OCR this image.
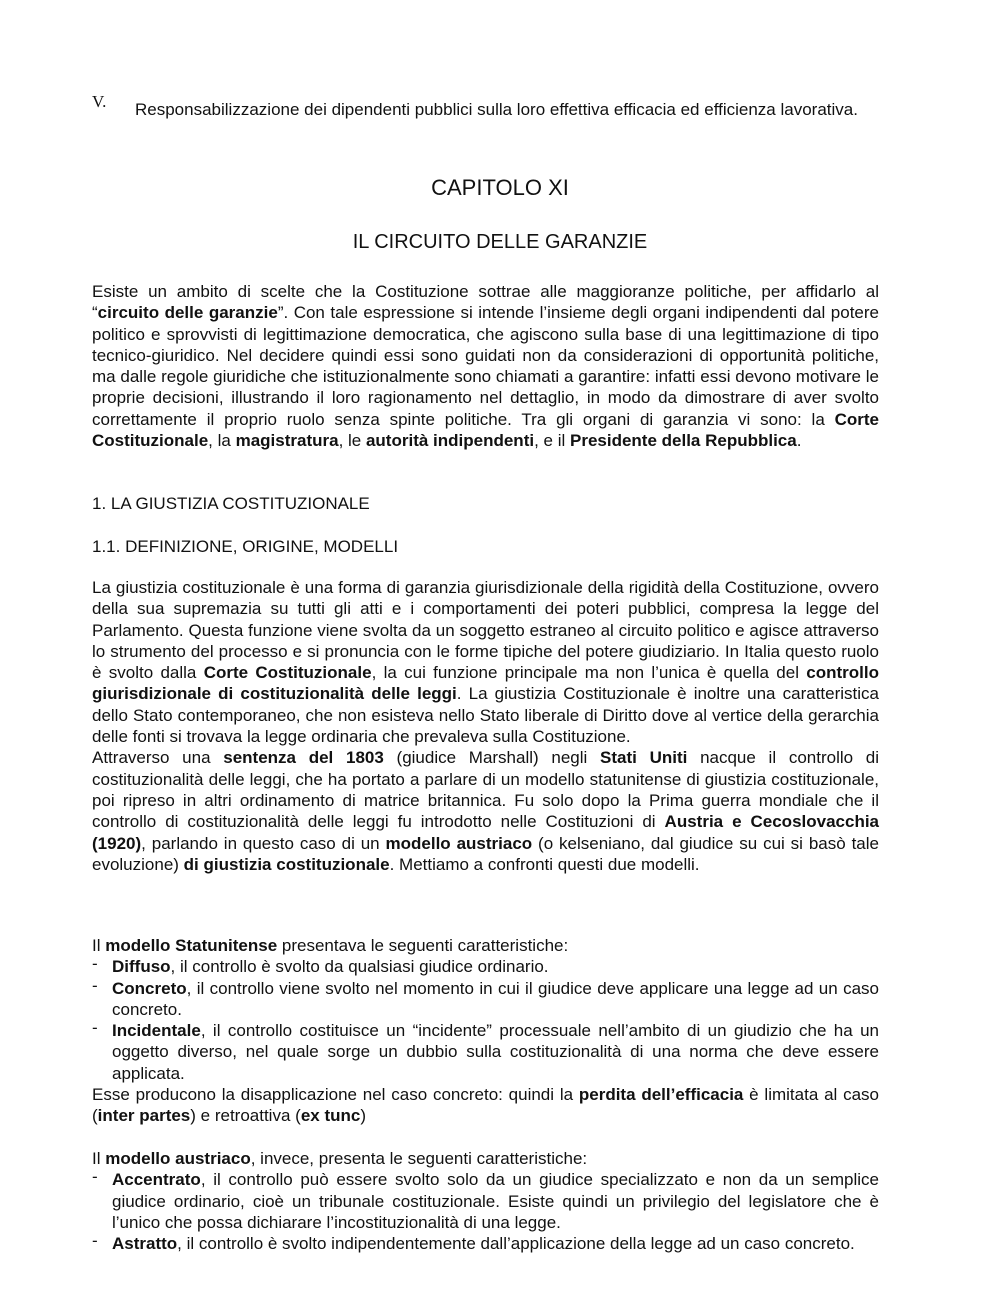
V. Responsabilizzazione dei dipendenti pubblici sulla loro effettiva efficacia ed efficienza lavorativa.
CAPITOLO XI
IL CIRCUITO DELLE GARANZIE
Esiste un ambito di scelte che la Costituzione sottrae alle maggioranze politiche, per affidarlo al “circuito delle garanzie”. Con tale espressione si intende l’insieme degli organi indipendenti dal potere politico e sprovvisti di legittimazione democratica, che agiscono sulla base di una legittimazione di tipo tecnico-giuridico. Nel decidere quindi essi sono guidati non da considerazioni di opportunità politiche, ma dalle regole giuridiche che istituzionalmente sono chiamati a garantire: infatti essi devono motivare le proprie decisioni, illustrando il loro ragionamento nel dettaglio, in modo da dimostrare di aver svolto correttamente il proprio ruolo senza spinte politiche. Tra gli organi di garanzia vi sono: la Corte Costituzionale, la magistratura, le autorità indipendenti, e il Presidente della Repubblica.
1. LA GIUSTIZIA COSTITUZIONALE
1.1. DEFINIZIONE, ORIGINE, MODELLI
La giustizia costituzionale è una forma di garanzia giurisdizionale della rigidità della Costituzione, ovvero della sua supremazia su tutti gli atti e i comportamenti dei poteri pubblici, compresa la legge del Parlamento. Questa funzione viene svolta da un soggetto estraneo al circuito politico e agisce attraverso lo strumento del processo e si pronuncia con le forme tipiche del potere giudiziario. In Italia questo ruolo è svolto dalla Corte Costituzionale, la cui funzione principale ma non l’unica è quella del controllo giurisdizionale di costituzionalità delle leggi. La giustizia Costituzionale è inoltre una caratteristica dello Stato contemporaneo, che non esisteva nello Stato liberale di Diritto dove al vertice della gerarchia delle fonti si trovava la legge ordinaria che prevaleva sulla Costituzione.
Attraverso una sentenza del 1803 (giudice Marshall) negli Stati Uniti nacque il controllo di costituzionalità delle leggi, che ha portato a parlare di un modello statunitense di giustizia costituzionale, poi ripreso in altri ordinamento di matrice britannica. Fu solo dopo la Prima guerra mondiale che il controllo di costituzionalità delle leggi fu introdotto nelle Costituzioni di Austria e Cecoslovacchia (1920), parlando in questo caso di un modello austriaco (o kelseniano, dal giudice su cui si basò tale evoluzione) di giustizia costituzionale. Mettiamo a confronti questi due modelli.
Il modello Statunitense presentava le seguenti caratteristiche:
- Diffuso, il controllo è svolto da qualsiasi giudice ordinario.
- Concreto, il controllo viene svolto nel momento in cui il giudice deve applicare una legge ad un caso concreto.
- Incidentale, il controllo costituisce un “incidente” processuale nell’ambito di un giudizio che ha un oggetto diverso, nel quale sorge un dubbio sulla costituzionalità di una norma che deve essere applicata.
Esse producono la disapplicazione nel caso concreto: quindi la perdita dell’efficacia è limitata al caso (inter partes) e retroattiva (ex tunc)
Il modello austriaco, invece, presenta le seguenti caratteristiche:
- Accentrato, il controllo può essere svolto solo da un giudice specializzato e non da un semplice giudice ordinario, cioè un tribunale costituzionale. Esiste quindi un privilegio del legislatore che è l’unico che possa dichiarare l’incostituzionalità di una legge.
- Astratto, il controllo è svolto indipendentemente dall’applicazione della legge ad un caso concreto.
